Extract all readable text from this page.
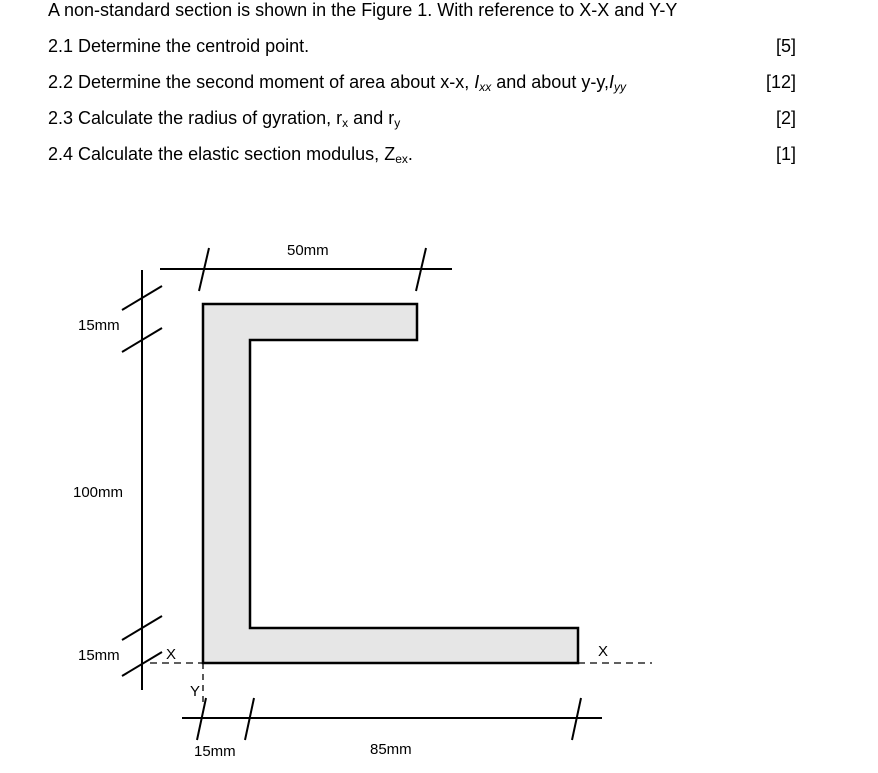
A non-standard section is shown in the Figure 1. With reference to X-X and Y-Y
2.1 Determine the centroid point.	[5]
2.2 Determine the second moment of area about x-x, $I_{xx}$ and about $y-y,I_{yy}$	[12]
2.3 Calculate the radius of gyration, $r_x$ and $r_y$	[2]
2.4 Calculate the elastic section modulus, $Z_{ex}$.	[1]
50mm
15mm
100mm
15mm	X	X
Y
15mm	85mm
